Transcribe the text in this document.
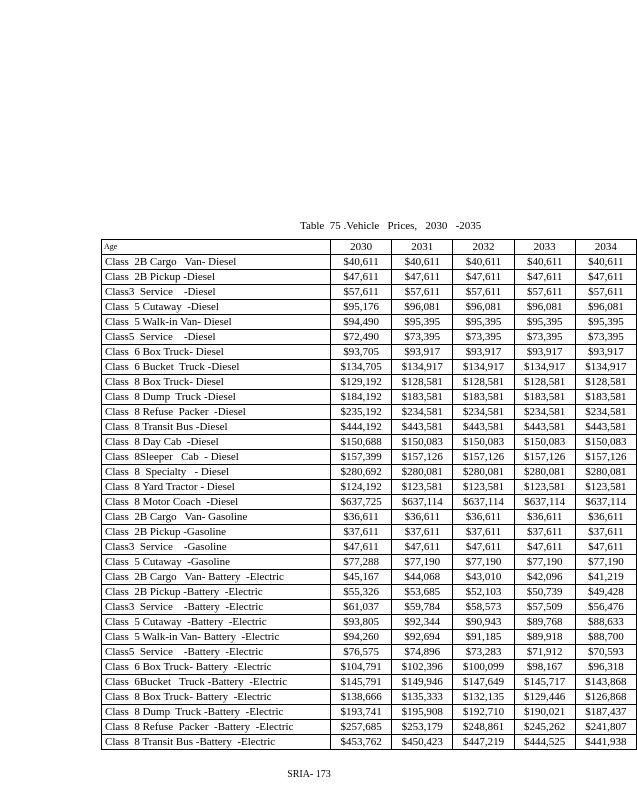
Table  75 .Vehicle   Prices,   2030   -2035
Age	2030	2031	2032	2033	2034
Class  2B Cargo   Van- Diesel	$40,611	$40,611	$40,611	$40,611	$40,611
Class  2B Pickup -Diesel	$47,611	$47,611	$47,611	$47,611	$47,611
Class3  Service    -Diesel	$57,611	$57,611	$57,611	$57,611	$57,611
Class  5 Cutaway  -Diesel	$95,176	$96,081	$96,081	$96,081	$96,081
Class  5 Walk-in Van- Diesel	$94,490	$95,395	$95,395	$95,395	$95,395
Class5  Service    -Diesel	$72,490	$73,395	$73,395	$73,395	$73,395
Class  6 Box Truck- Diesel	$93,705	$93,917	$93,917	$93,917	$93,917
Class  6 Bucket  Truck -Diesel	$134,705	$134,917	$134,917	$134,917	$134,917
Class  8 Box Truck- Diesel	$129,192	$128,581	$128,581	$128,581	$128,581
Class  8 Dump  Truck -Diesel	$184,192	$183,581	$183,581	$183,581	$183,581
Class  8 Refuse  Packer  -Diesel	$235,192	$234,581	$234,581	$234,581	$234,581
Class  8 Transit Bus -Diesel	$444,192	$443,581	$443,581	$443,581	$443,581
Class  8 Day Cab  -Diesel	$150,688	$150,083	$150,083	$150,083	$150,083
Class  8Sleeper   Cab  - Diesel	$157,399	$157,126	$157,126	$157,126	$157,126
Class  8  Specialty   - Diesel	$280,692	$280,081	$280,081	$280,081	$280,081
Class  8 Yard Tractor - Diesel	$124,192	$123,581	$123,581	$123,581	$123,581
Class  8 Motor Coach  -Diesel	$637,725	$637,114	$637,114	$637,114	$637,114
Class  2B Cargo   Van- Gasoline	$36,611	$36,611	$36,611	$36,611	$36,611
Class  2B Pickup -Gasoline	$37,611	$37,611	$37,611	$37,611	$37,611
Class3  Service    -Gasoline	$47,611	$47,611	$47,611	$47,611	$47,611
Class  5 Cutaway  -Gasoline	$77,288	$77,190	$77,190	$77,190	$77,190
Class  2B Cargo   Van- Battery  -Electric	$45,167	$44,068	$43,010	$42,096	$41,219
Class  2B Pickup -Battery  -Electric	$55,326	$53,685	$52,103	$50,739	$49,428
Class3  Service    -Battery  -Electric	$61,037	$59,784	$58,573	$57,509	$56,476
Class  5 Cutaway  -Battery  -Electric	$93,805	$92,344	$90,943	$89,768	$88,633
Class  5 Walk-in Van- Battery  -Electric	$94,260	$92,694	$91,185	$89,918	$88,700
Class5  Service    -Battery  -Electric	$76,575	$74,896	$73,283	$71,912	$70,593
Class  6 Box Truck- Battery  -Electric	$104,791	$102,396	$100,099	$98,167	$96,318
Class  6Bucket   Truck -Battery  -Electric	$145,791	$149,946	$147,649	$145,717	$143,868
Class  8 Box Truck- Battery  -Electric	$138,666	$135,333	$132,135	$129,446	$126,868
Class  8 Dump  Truck -Battery  -Electric	$193,741	$195,908	$192,710	$190,021	$187,437
Class  8 Refuse  Packer  -Battery  -Electric	$257,685	$253,179	$248,861	$245,262	$241,807
Class  8 Transit Bus -Battery  -Electric	$453,762	$450,423	$447,219	$444,525	$441,938
SRIA- 173
